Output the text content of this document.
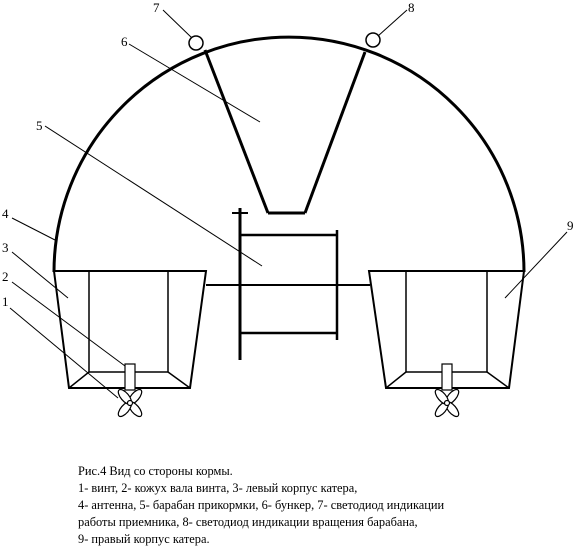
1
2
3
4
5
6
7	8
9
Рис.4 Вид со стороны кормы.
1- винт, 2- кожух вала винта, 3- левый корпус катера,
4- антенна, 5- барабан прикормки, 6- бункер, 7- светодиод индикации
работы приемника, 8- светодиод индикации вращения барабана,
9- правый корпус катера.
